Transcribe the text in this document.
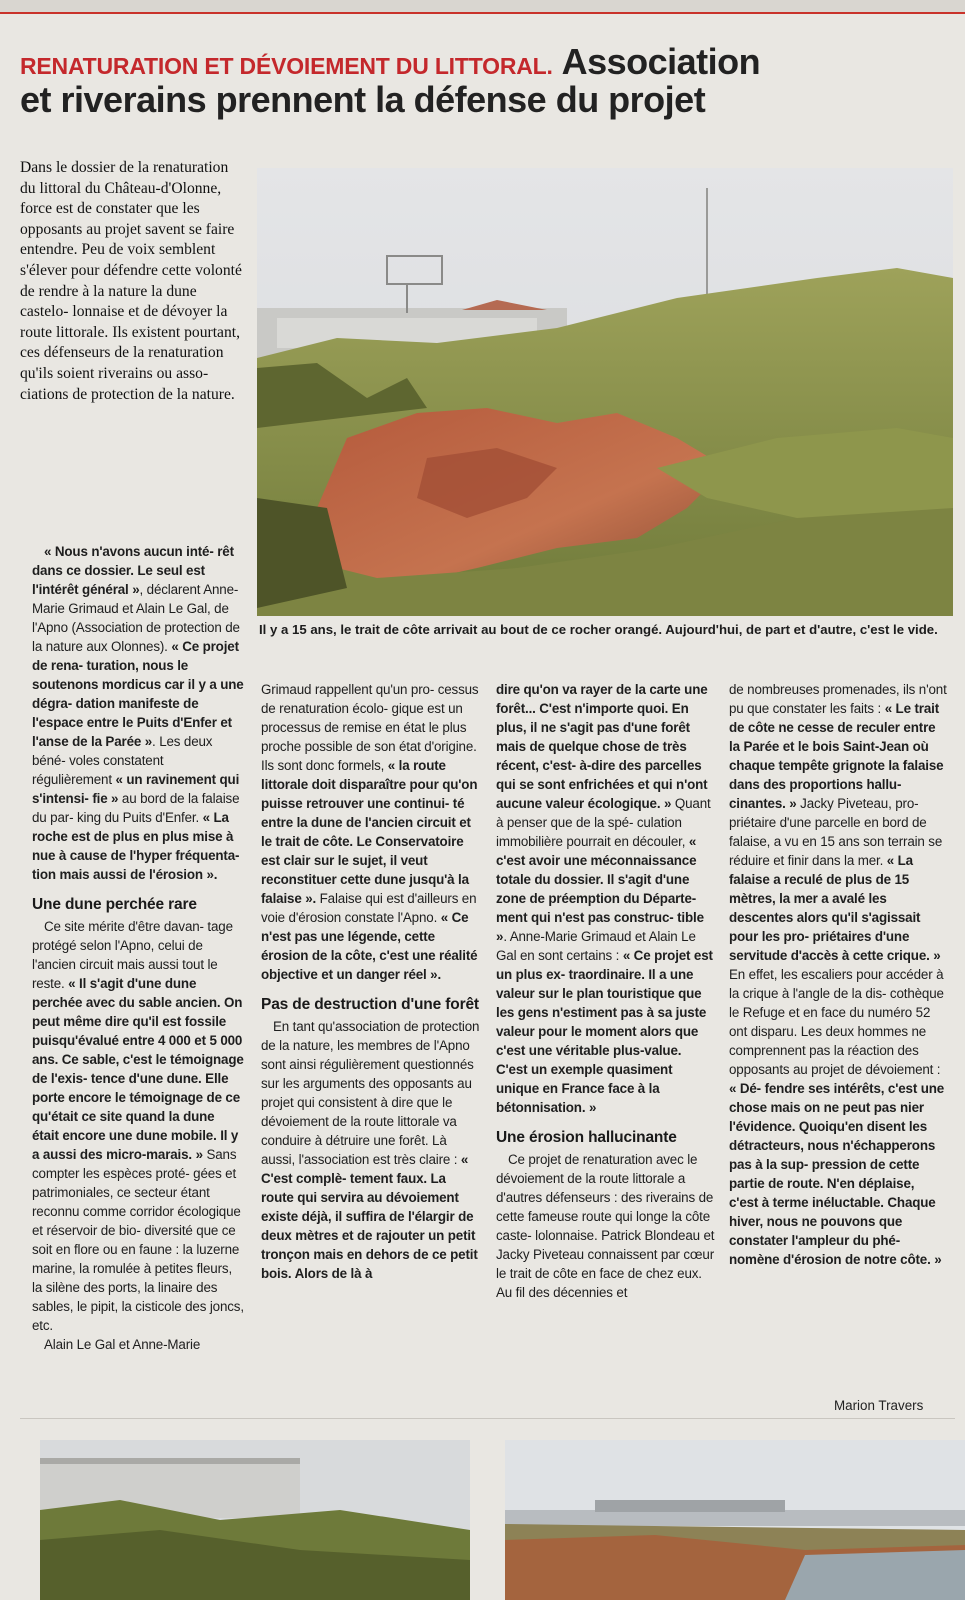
RENATURATION ET DÉVOIEMENT DU LITTORAL. Association
et riverains prennent la défense du projet

Dans le dossier de la renaturation du littoral du Château-d'Olonne, force est de constater que les opposants au projet savent se faire entendre. Peu de voix semblent s'élever pour défendre cette volonté de rendre à la nature la dune castelo- lonnaise et de dévoyer la route littorale. Ils existent pourtant, ces défenseurs de la renaturation qu'ils soient riverains ou asso- ciations de protection de la nature.

Il y a 15 ans, le trait de côte arrivait au bout de ce rocher orangé. Aujourd'hui, de part et d'autre, c'est le vide.

« Nous n'avons aucun inté- rêt dans ce dossier. Le seul est l'intérêt général », déclarent Anne-Marie Grimaud et Alain Le Gal, de l'Apno (Association de protection de la nature aux Olonnes). « Ce projet de rena- turation, nous le soutenons mordicus car il y a une dégra- dation manifeste de l'espace entre le Puits d'Enfer et l'anse de la Parée ». Les deux béné- voles constatent régulièrement « un ravinement qui s'intensi- fie » au bord de la falaise du par- king du Puits d'Enfer. « La roche est de plus en plus mise à nue à cause de l'hyper fréquenta- tion mais aussi de l'érosion ».
Une dune perchée rare
Ce site mérite d'être davan- tage protégé selon l'Apno, celui de l'ancien circuit mais aussi tout le reste. « Il s'agit d'une dune perchée avec du sable ancien. On peut même dire qu'il est fossile puisqu'évalué entre 4 000 et 5 000 ans. Ce sable, c'est le témoignage de l'exis- tence d'une dune. Elle porte encore le témoignage de ce qu'était ce site quand la dune était encore une dune mobile. Il y a aussi des micro-marais. » Sans compter les espèces proté- gées et patrimoniales, ce secteur étant reconnu comme corridor écologique et réservoir de bio- diversité que ce soit en flore ou en faune : la luzerne marine, la romulée à petites fleurs, la silène des ports, la linaire des sables, le pipit, la cisticole des joncs, etc.
Alain Le Gal et Anne-Marie
Grimaud rappellent qu'un pro- cessus de renaturation écolo- gique est un processus de remise en état le plus proche possible de son état d'origine. Ils sont donc formels, « la route littorale doit disparaître pour qu'on puisse retrouver une continui- té entre la dune de l'ancien circuit et le trait de côte. Le Conservatoire est clair sur le sujet, il veut reconstituer cette dune jusqu'à la falaise ». Falaise qui est d'ailleurs en voie d'érosion constate l'Apno. « Ce n'est pas une légende, cette érosion de la côte, c'est une réalité objective et un danger réel ».
Pas de destruction d'une forêt
En tant qu'association de protection de la nature, les membres de l'Apno sont ainsi régulièrement questionnés sur les arguments des opposants au projet qui consistent à dire que le dévoiement de la route littorale va conduire à détruire une forêt. Là aussi, l'association est très claire : « C'est complè- tement faux. La route qui servira au dévoiement existe déjà, il suffira de l'élargir de deux mètres et de rajouter un petit tronçon mais en dehors de ce petit bois. Alors de là à
dire qu'on va rayer de la carte une forêt... C'est n'importe quoi. En plus, il ne s'agit pas d'une forêt mais de quelque chose de très récent, c'est- à-dire des parcelles qui se sont enfrichées et qui n'ont aucune valeur écologique. » Quant à penser que de la spé- culation immobilière pourrait en découler, « c'est avoir une méconnaissance totale du dossier. Il s'agit d'une zone de préemption du Départe- ment qui n'est pas construc- tible ». Anne-Marie Grimaud et Alain Le Gal en sont certains : « Ce projet est un plus ex- traordinaire. Il a une valeur sur le plan touristique que les gens n'estiment pas à sa juste valeur pour le moment alors que c'est une véritable plus-value. C'est un exemple quasiment unique en France face à la bétonnisation. »
Une érosion hallucinante
Ce projet de renaturation avec le dévoiement de la route littorale a d'autres défenseurs : des riverains de cette fameuse route qui longe la côte caste- lolonnaise. Patrick Blondeau et Jacky Piveteau connaissent par cœur le trait de côte en face de chez eux. Au fil des décennies et
de nombreuses promenades, ils n'ont pu que constater les faits : « Le trait de côte ne cesse de reculer entre la Parée et le bois Saint-Jean où chaque tempête grignote la falaise dans des proportions hallu- cinantes. » Jacky Piveteau, pro- priétaire d'une parcelle en bord de falaise, a vu en 15 ans son terrain se réduire et finir dans la mer. « La falaise a reculé de plus de 15 mètres, la mer a avalé les descentes alors qu'il s'agissait pour les pro- priétaires d'une servitude d'accès à cette crique. » En effet, les escaliers pour accéder à la crique à l'angle de la dis- cothèque le Refuge et en face du numéro 52 ont disparu. Les deux hommes ne comprennent pas la réaction des opposants au projet de dévoiement : « Dé- fendre ses intérêts, c'est une chose mais on ne peut pas nier l'évidence. Quoiqu'en disent les détracteurs, nous n'échapperons pas à la sup- pression de cette partie de route. N'en déplaise, c'est à terme inéluctable. Chaque hiver, nous ne pouvons que constater l'ampleur du phé- nomène d'érosion de notre côte. »
Marion Travers
